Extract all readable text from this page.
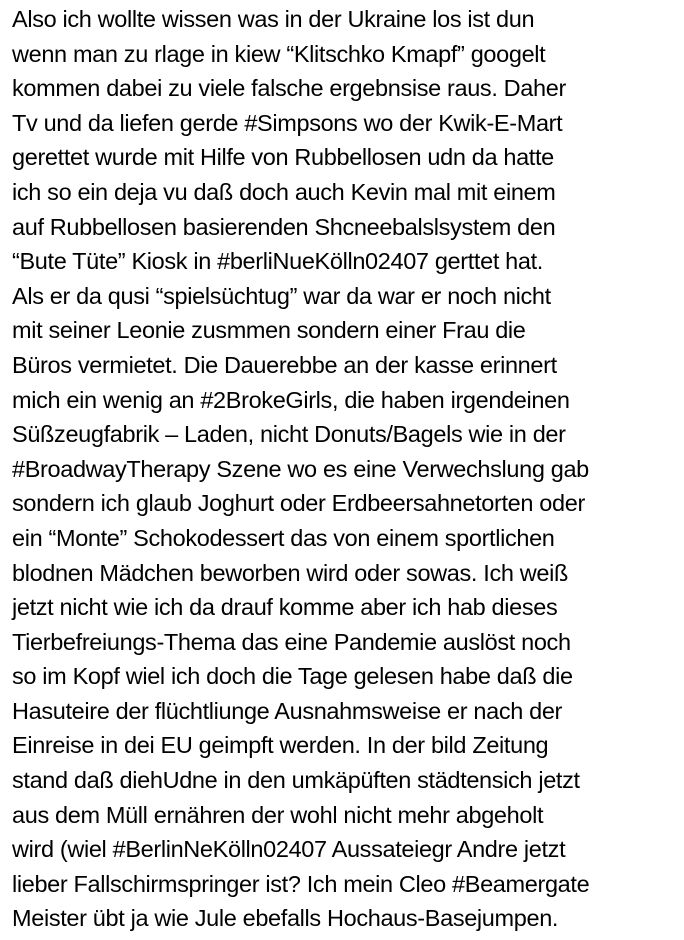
Also ich wollte wissen was in der Ukraine los ist dun
wenn man zu rlage in kiew “Klitschko Kmapf” googelt
kommen dabei zu viele falsche ergebnsise raus. Daher
Tv und da liefen gerde #Simpsons wo der Kwik-E-Mart
gerettet wurde mit Hilfe von Rubbellosen udn da hatte
ich so ein deja vu daß doch auch Kevin mal mit einem
auf Rubbellosen basierenden Shcneebalslsystem den
“Bute Tüte” Kiosk in #berliNueKölln02407 gerttet hat.
Als er da qusi “spielsüchtug” war da war er noch nicht
mit seiner Leonie zusmmen sondern einer Frau die
Büros vermietet. Die Dauerebbe an der kasse erinnert
mich ein wenig an #2BrokeGirls, die haben irgendeinen
Süßzeugfabrik – Laden, nicht Donuts/Bagels wie in der
#BroadwayTherapy Szene wo es eine Verwechslung gab
sondern ich glaub Joghurt oder Erdbeersahnetorten oder
ein “Monte” Schokodessert das von einem sportlichen
blodnen Mädchen beworben wird oder sowas. Ich weiß
jetzt nicht wie ich da drauf komme aber ich hab dieses
Tierbefreiungs-Thema das eine Pandemie auslöst noch
so im Kopf wiel ich doch die Tage gelesen habe daß die
Hasuteire der flüchtliunge Ausnahmsweise er nach der
Einreise in dei EU geimpft werden. In der bild Zeitung
stand daß diehUdne in den umkäpüften städtensich jetzt
aus dem Müll ernähren der wohl nicht mehr abgeholt
wird (wiel #BerlinNeKölln02407 Aussateiegr Andre jetzt
lieber Fallschirmspringer ist? Ich mein Cleo #Beamergate
Meister übt ja wie Jule ebefalls Hochaus-Basejumpen.
